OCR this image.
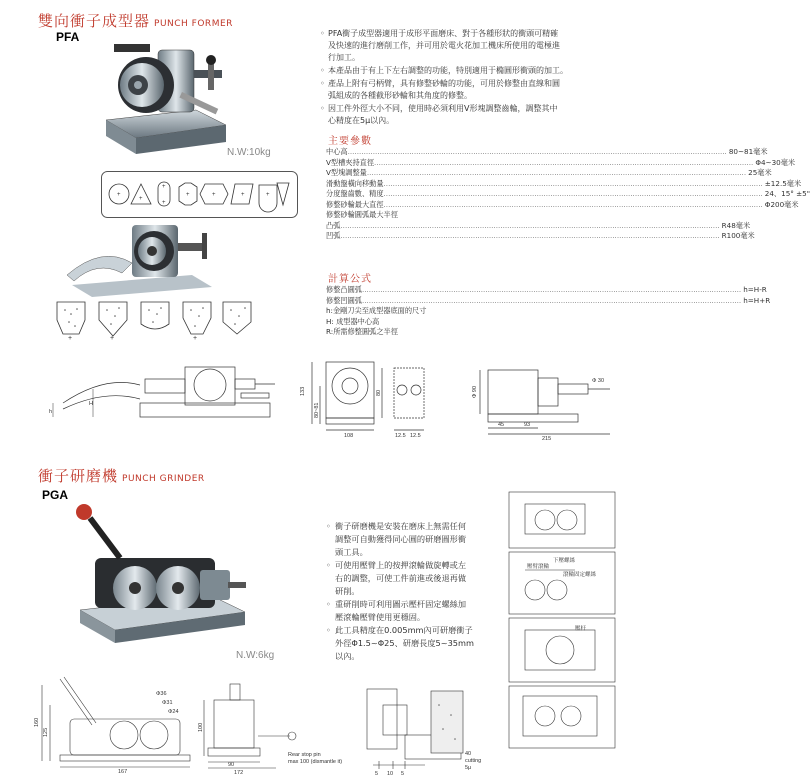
雙向衝子成型器 PUNCH FORMER
PFA
N.W:10kg
◦ PFA衝子成型器適用于成形平面磨床、對于各種形狀的衝頭可精確
及快速的進行磨削工作，并可用於電火花加工機床所使用的電極進
行加工。
◦ 本產品由于有上下左右調整的功能，特別適用于橢圓形衝頭的加工。
◦ 產品上附有弓柄臂，具有修整砂輪的功能，可用於修整由直線和圓
弧組成的各種截形砂輪和其角度的修整。
◦ 因工件外徑大小不同，使用時必須利用V形塊調整齒輪，調整其中
心精度在5μ以內。
+
+
+
+
+	+	+	+
+	+	+
主要參數
中心高 .....	80~81毫米
V型槽夾持直徑 .....	Φ4~30毫米
V型塊調整量 .....	25毫米
滑動盤橫向移動量 .....	±12.5毫米
分度盤齒數、精度 .....	24、15° ±5"
修整砂輪最大直徑 .....	Φ200毫米
修整砂輪圓弧最大半徑
凸弧 .....	R48毫米
凹弧 .....	R100毫米
計算公式
修整凸圓弧 .....	h=H-R
修整凹圓弧 .....	h=H+R
h:金剛刀尖至成型器底面的尺寸
H: 成型器中心高
R:所需修整圓弧之半徑
h
H
133
80~81
108	12.5 12.5
80	Φ 90
Φ 30
45	93
215
衝子研磨機 PUNCH GRINDER
PGA
N.W:6kg
◦ 衝子研磨機是安裝在磨床上無需任何
調整可自動獲得同心圓的研磨圓形衝
頭工具。
◦ 可使用壓臂上的按押滾輪做旋轉或左
右的調整，可使工件前進或後退再做
研削。
◦ 重研削時可利用圖示壓杆固定螺絲加
壓滾輪壓臂使用更穩固。
◦ 此工具精度在0.005mm內可研磨衝子
外徑Φ1.5~Φ25、研磨長度5~35mm
以內。
下壓螺絲
壓臂滾輪
滾輪固定螺絲
壓杆
Φ36
Φ31
Φ24
160
125
167
90
100
172
Rear stop pin
max 100 (dismantle it)
40
cutting
5μ
5 10 5
